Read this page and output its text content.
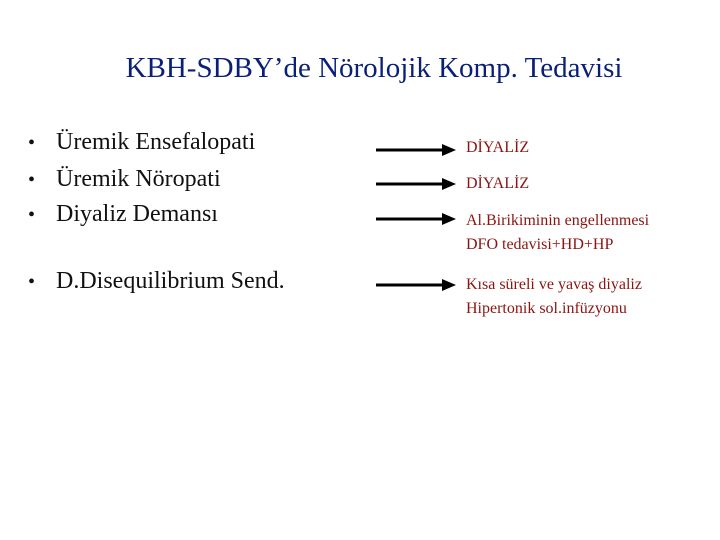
KBH-SDBY’de Nörolojik Komp. Tedavisi
• Üremik Ensefalopati	DİYALİZ
• Üremik Nöropati	DİYALİZ
• Diyaliz Demansı	Al.Birikiminin engellenmesi
DFO tedavisi+HD+HP
• D.Disequilibrium Send.	Kısa süreli ve yavaş diyaliz
Hipertonik sol.infüzyonu
